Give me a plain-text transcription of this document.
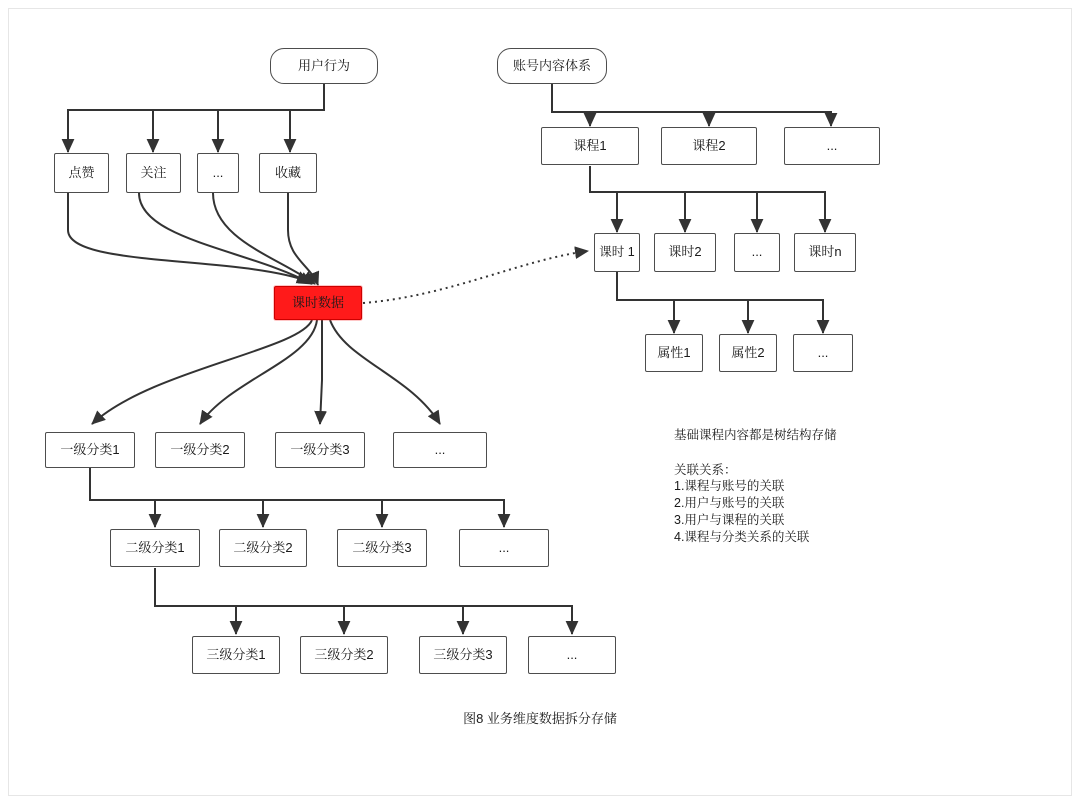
用户行为	账号内容体系
点赞	关注	...	收藏
课时数据
课程1	课程2	...
课时 1	课时2	...	课时n
属性1	属性2	...
一级分类1	一级分类2	一级分类3	...
二级分类1	二级分类2	二级分类3	...
三级分类1	三级分类2	三级分类3	...
基础课程内容都是树结构存储
关联关系：
1.课程与账号的关联
2.用户与账号的关联
3.用户与课程的关联
4.课程与分类关系的关联
图8 业务维度数据拆分存储
